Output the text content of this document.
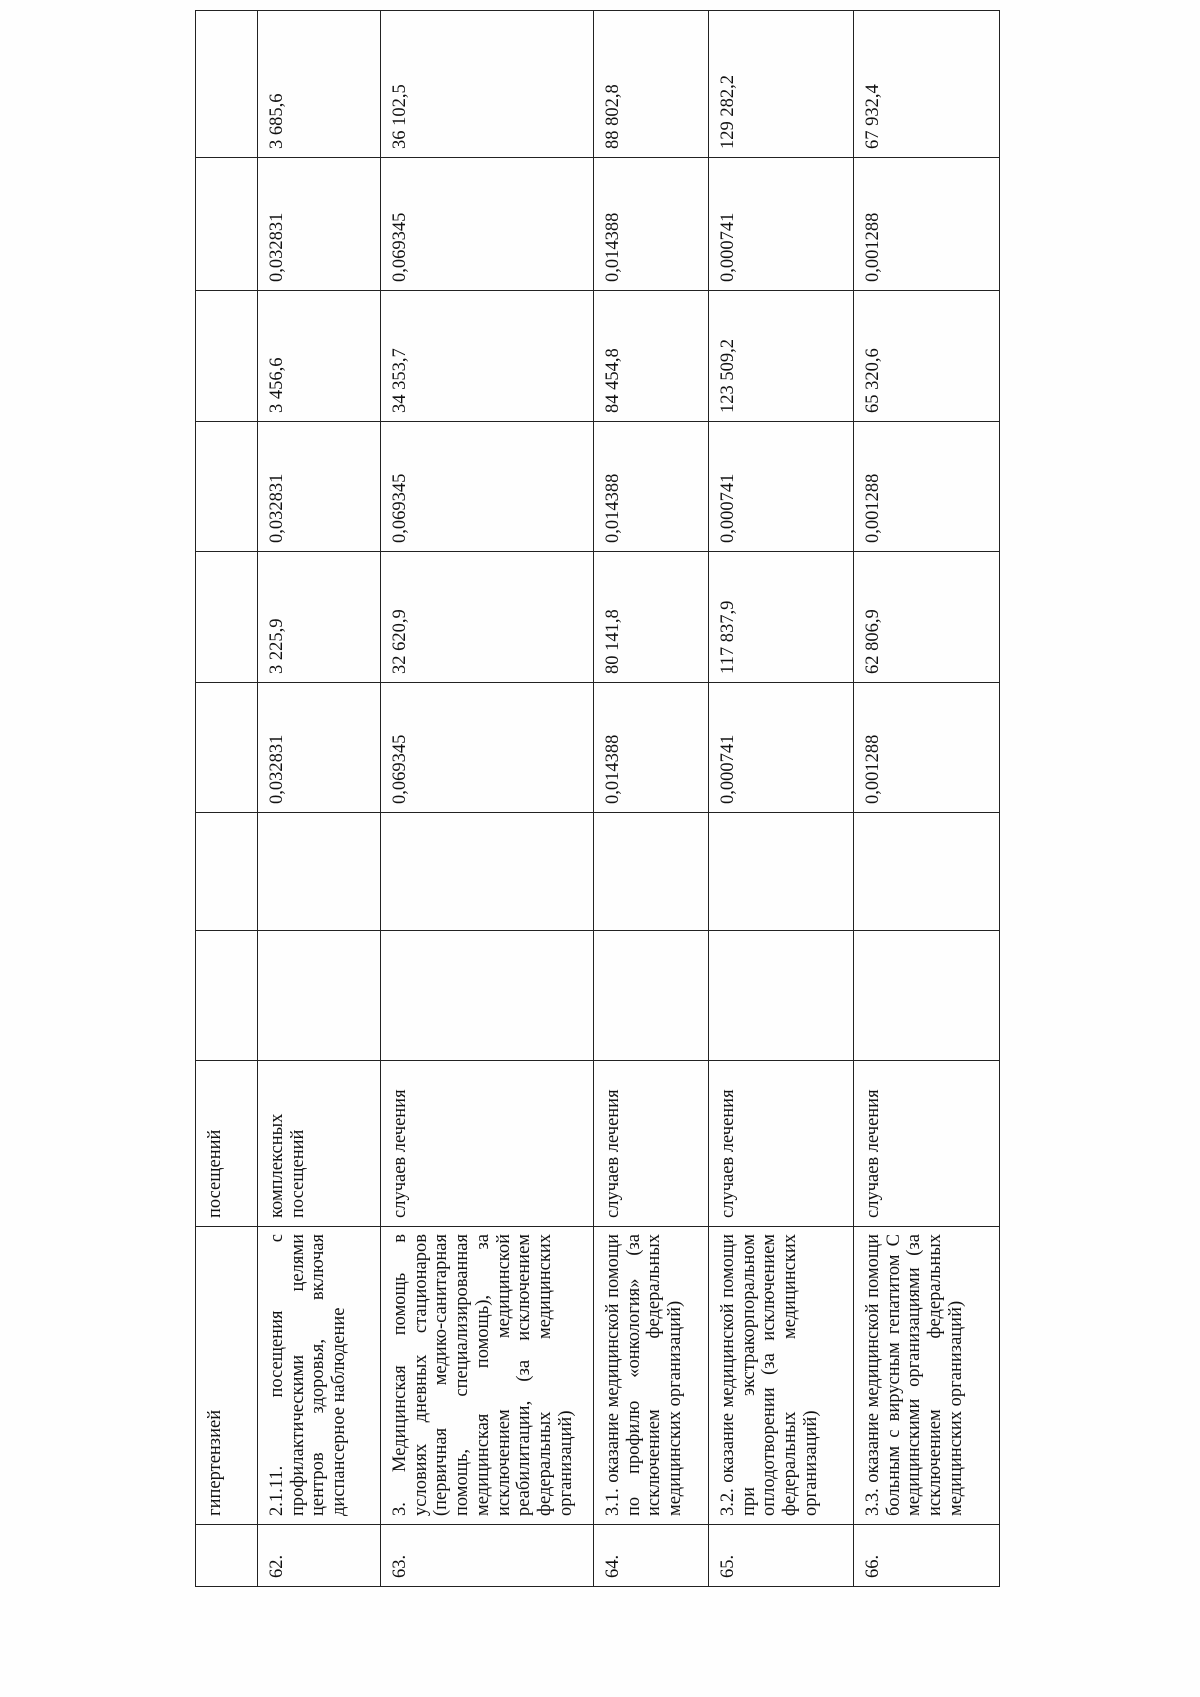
	гипертензией	посещений								
62.	2.1.11. посещения с профилактическими целями центров здоровья, включая диспансерное наблюдение	комплексных посещений			0,032831	3 225,9	0,032831	3 456,6	0,032831	3 685,6
63.	3. Медицинская помощь в условиях дневных стационаров (первичная медико-санитарная помощь, специализированная медицинская помощь), за исключением медицинской реабилитации, (за исключением федеральных медицинских организаций)	случаев лечения			0,069345	32 620,9	0,069345	34 353,7	0,069345	36 102,5
64.	3.1. оказание медицинской помощи по профилю «онкология» (за исключением федеральных медицинских организаций)	случаев лечения			0,014388	80 141,8	0,014388	84 454,8	0,014388	88 802,8
65.	3.2. оказание медицинской помощи при экстракорпоральном оплодотворении (за исключением федеральных медицинских организаций)	случаев лечения			0,000741	117 837,9	0,000741	123 509,2	0,000741	129 282,2
66.	3.3. оказание медицинской помощи больным с вирусным гепатитом С медицинскими организациями (за исключением федеральных медицинских организаций)	случаев лечения			0,001288	62 806,9	0,001288	65 320,6	0,001288	67 932,4
